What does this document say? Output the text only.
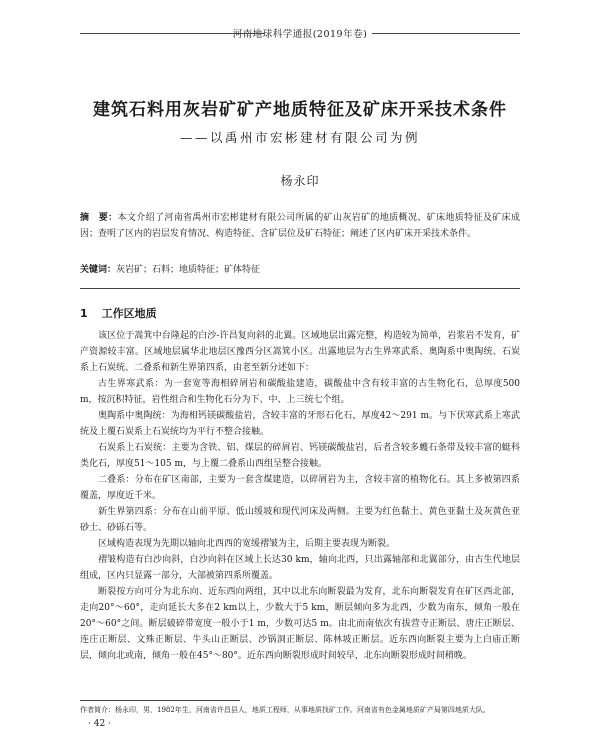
河南地球科学通报(2019年卷)
建筑石料用灰岩矿矿产地质特征及矿床开采技术条件
——以禹州市宏彬建材有限公司为例
杨永印
摘　要：本文介绍了河南省禹州市宏彬建材有限公司所属的矿山灰岩矿的地质概况、矿床地质特征及矿床成因；查明了区内的岩层发育情况、构造特征、含矿层位及矿石特征；阐述了区内矿床开采技术条件。
关键词：灰岩矿；石料；地质特征；矿体特征
1 工作区地质

该区位于嵩箕中台隆起的白沙-许昌复向斜的北翼。区域地层出露完整，构造较为简单，岩浆岩不发育，矿产资源较丰富。区域地层属华北地层区豫西分区嵩箕小区。出露地层为古生界寒武系、奥陶系中奥陶统、石炭系上石炭统、二叠系和新生界第四系，由老至新分述如下：

古生界寒武系：为一套宽等海相碎屑岩和碳酸盐建造，碳酸盐中含有较丰富的古生物化石，总厚度500 m，按沉积特征，岩性组合和生物化石分为下、中、上三统七个组。

奥陶系中奥陶统：为海相钙镁碳酸盐岩，含较丰富的牙形石化石，厚度42～291 m。与下伏寒武系上寒武统及上覆石炭系上石炭统均为平行不整合接触。

石炭系上石炭统：主要为含铁、铝、煤层的碎屑岩、钙镁碳酸盐岩，后者含较多蠖石条带及较丰富的蜓科类化石，厚度51～105 m，与上覆二叠系山西组呈整合接触。

二叠系：分布在矿区南部，主要为一套含煤建造，以碎屑岩为主，含较丰富的植物化石。其上多被第四系覆盖，厚度近千米。

新生界第四系：分布在山前平原、低山缓坡和现代河床及两侧。主要为红色黏土、黄色亚黏土及灰黄色亚砂土、砂砾石等。

区域构造表现为先期以轴向北西西的宽缓褶皱为主，后期主要表现为断裂。

褶皱构造有白沙向斜，白沙向斜在区域上长达30 km，轴向北西，只出露轴部和北翼部分，由古生代地层组成，区内只显露一部分，大部被第四系所覆盖。

断裂按方向可分为北东向、近东西向两组，其中以北东向断裂最为发育，北东向断裂发育在矿区西北部，走向20°～60°，走向延长大多在2 km以上，少数大于5 km，断层倾向多为北西，少数为南东，倾角一般在20°～60°之间。断层破碎带宽度一般小于1 m，少数可达5 m。由北而南依次有拔营寺正断层、唐庄正断层、连庄正断层、文殊正断层、牛头山正断层、沙锅洞正断层、陈林坡正断层。近东西向断裂主要为上白庙正断层，倾向北或南，倾角一般在45°～80°。近东西向断裂形成时间较早，北东向断裂形成时间稍晚。

作者简介：杨永印，男，1982年生，河南省许昌县人，地质工程师，从事地质找矿工作。河南省有色金属地质矿产局第四地质大队。
· 42 ·
